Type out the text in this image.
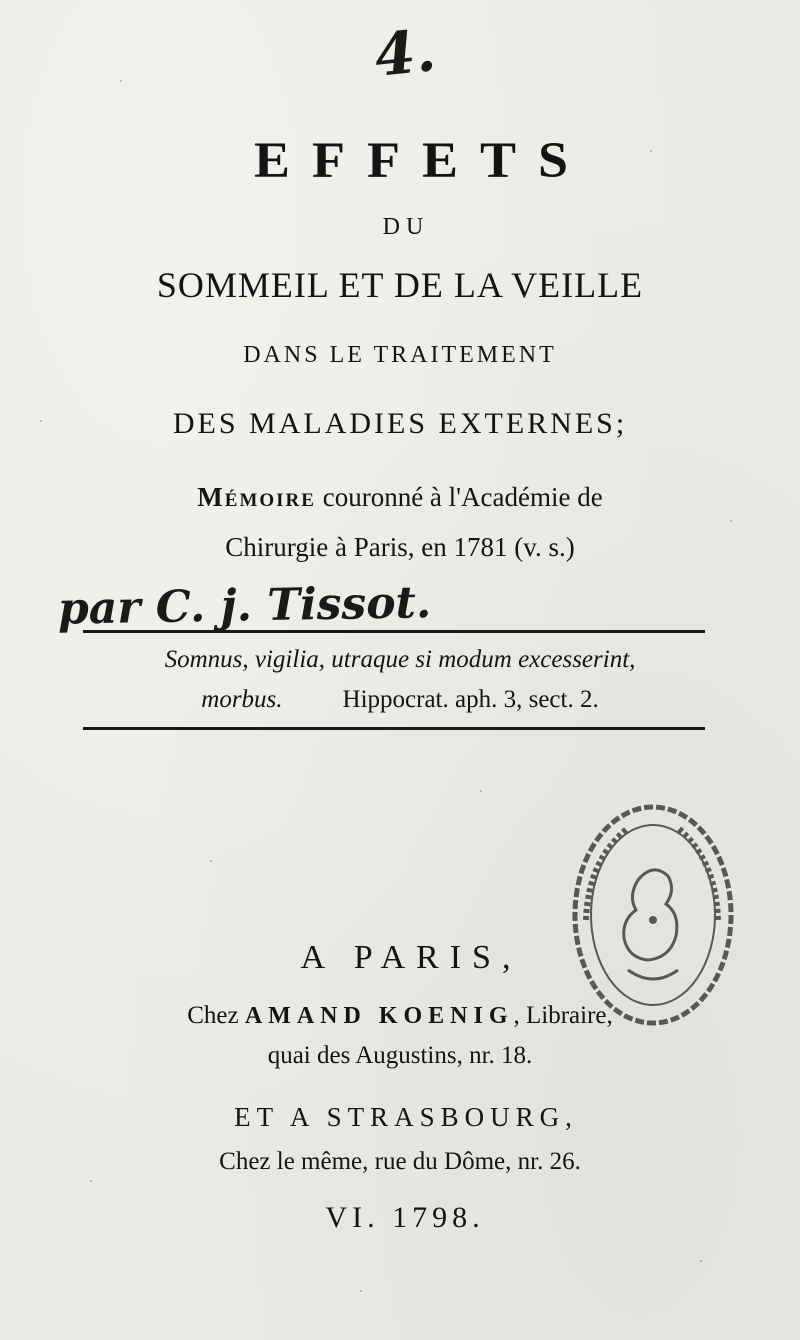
4.
EFFETS
DU
SOMMEIL ET DE LA VEILLE
DANS LE TRAITEMENT
DES MALADIES EXTERNES;
Mémoire couronné à l'Académie de
Chirurgie à Paris, en 1781 (v. s.)
par C. j. Tissot.
Somnus, vigilia, utraque si modum excesserint,
morbus. Hippocrat. aph. 3, sect. 2.
A PARIS,
Chez AMAND KOENIG, Libraire,
quai des Augustins, nr. 18.
ET A STRASBOURG,
Chez le même, rue du Dôme, nr. 26.
VI. 1798.
